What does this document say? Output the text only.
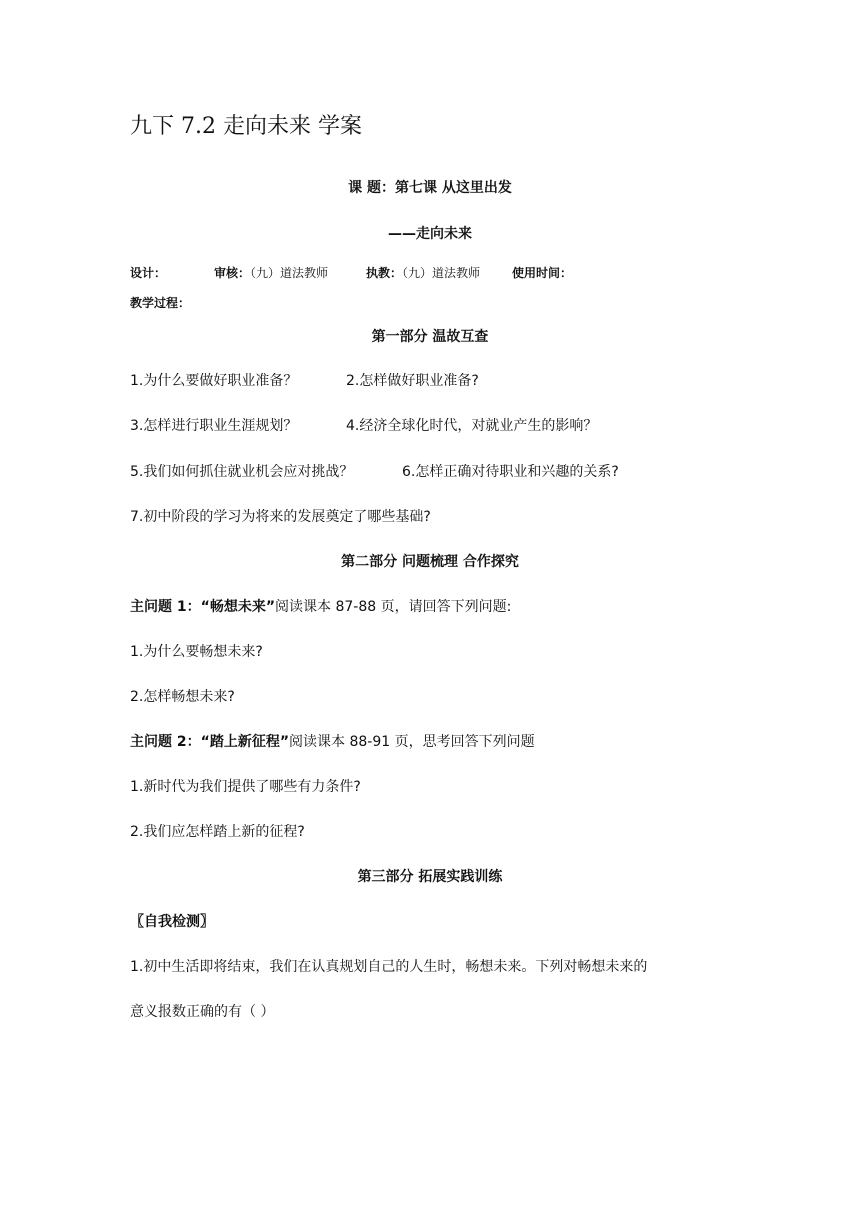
九下 7.2 走向未来 学案
课 题：第七课 从这里出发
——走向未来
设计：	审核：（九）道法教师	执教：（九）道法教师	使用时间：
教学过程：
第一部分 温故互查
1.为什么要做好职业准备？	2.怎样做好职业准备?
3.怎样进行职业生涯规划？	4.经济全球化时代，对就业产生的影响？
5.我们如何抓住就业机会应对挑战？	6.怎样正确对待职业和兴趣的关系?
7.初中阶段的学习为将来的发展奠定了哪些基础?
第二部分 问题梳理 合作探究
主问题 1：“畅想未来”阅读课本 87-88 页，请回答下列问题:
1.为什么要畅想未来?
2.怎样畅想未来?
主问题 2：“踏上新征程”阅读课本 88-91 页，思考回答下列问题
1.新时代为我们提供了哪些有力条件?
2.我们应怎样踏上新的征程?
第三部分 拓展实践训练
〖自我检测〗
1.初中生活即将结束，我们在认真规划自己的人生时，畅想未来。下列对畅想未来的
意义报数正确的有（ ）
